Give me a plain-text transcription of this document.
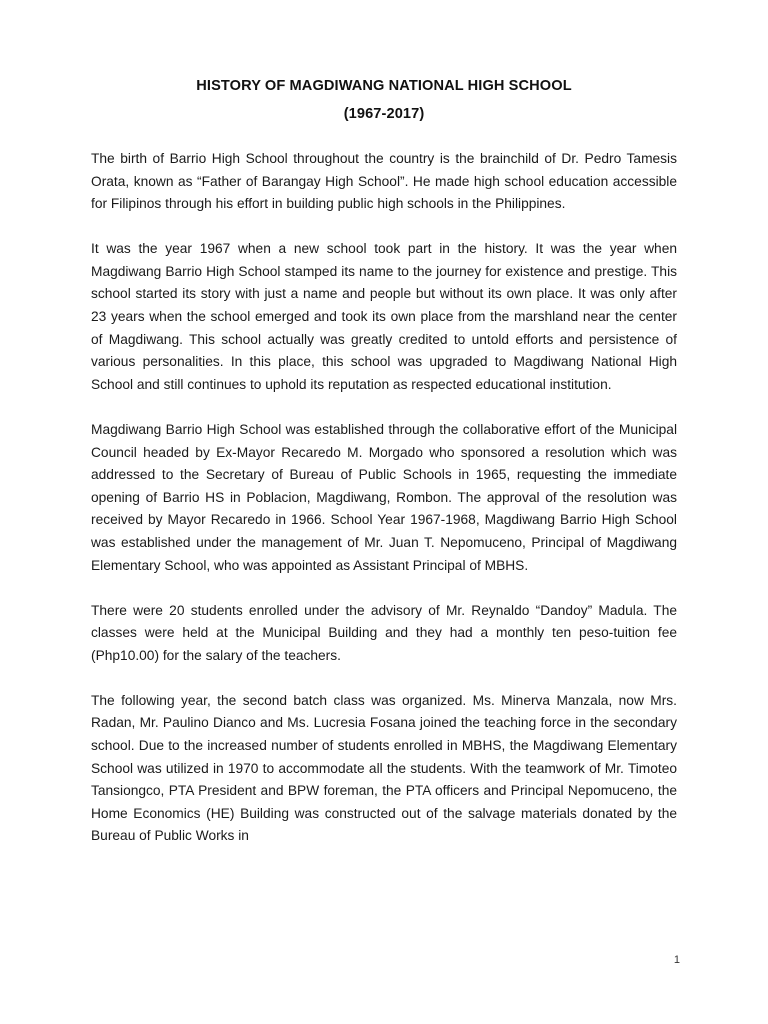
HISTORY OF MAGDIWANG NATIONAL HIGH SCHOOL
(1967-2017)

The birth of Barrio High School throughout the country is the brainchild of Dr. Pedro Tamesis Orata, known as “Father of Barangay High School”. He made high school education accessible for Filipinos through his effort in building public high schools in the Philippines.

It was the year 1967 when a new school took part in the history. It was the year when Magdiwang Barrio High School stamped its name to the journey for existence and prestige. This school started its story with just a name and people but without its own place. It was only after 23 years when the school emerged and took its own place from the marshland near the center of Magdiwang. This school actually was greatly credited to untold efforts and persistence of various personalities. In this place, this school was upgraded to Magdiwang National High School and still continues to uphold its reputation as respected educational institution.

Magdiwang Barrio High School was established through the collaborative effort of the Municipal Council headed by Ex-Mayor Recaredo M. Morgado who sponsored a resolution which was addressed to the Secretary of Bureau of Public Schools in 1965, requesting the immediate opening of Barrio HS in Poblacion, Magdiwang, Rombon. The approval of the resolution was received by Mayor Recaredo in 1966. School Year 1967-1968, Magdiwang Barrio High School was established under the management of Mr. Juan T. Nepomuceno, Principal of Magdiwang Elementary School, who was appointed as Assistant Principal of MBHS.

There were 20 students enrolled under the advisory of Mr. Reynaldo “Dandoy” Madula. The classes were held at the Municipal Building and they had a monthly ten peso-tuition fee (Php10.00) for the salary of the teachers.

The following year, the second batch class was organized. Ms. Minerva Manzala, now Mrs. Radan, Mr. Paulino Dianco and Ms. Lucresia Fosana joined the teaching force in the secondary school. Due to the increased number of students enrolled in MBHS, the Magdiwang Elementary School was utilized in 1970 to accommodate all the students. With the teamwork of Mr. Timoteo Tansiongco, PTA President and BPW foreman, the PTA officers and Principal Nepomuceno, the Home Economics (HE) Building was constructed out of the salvage materials donated by the Bureau of Public Works in

1
